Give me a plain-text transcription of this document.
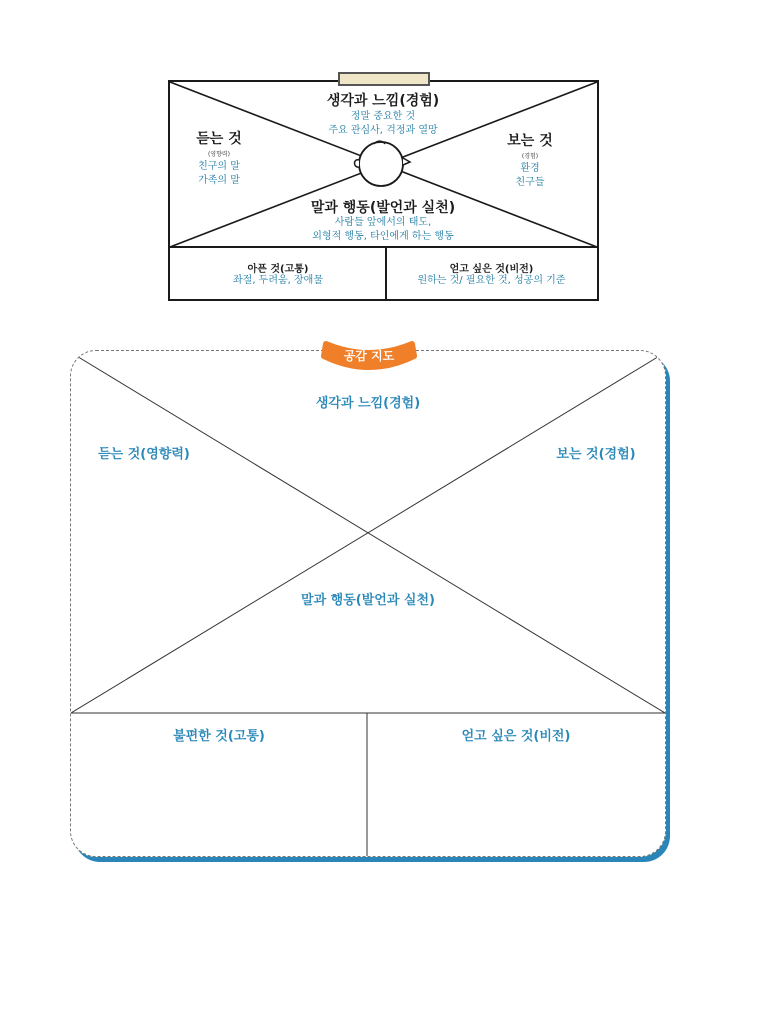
생각과 느낌(경험)
정말 중요한 것
주요 관심사, 걱정과 열망
듣는 것
(영향력)
친구의 말
가족의 말
보는 것
(경험)
환경
친구들
말과 행동(발언과 실천)
사람들 앞에서의 태도,
외형적 행동, 타인에게 하는 행동
아픈 것(고통)
좌절, 두려움, 장애물
얻고 싶은 것(비전)
원하는 것/ 필요한 것, 성공의 기준
생각과 느낌(경험)
듣는 것(영향력)	보는 것(경험)
말과 행동(발언과 실천)
불편한 것(고통)	얻고 싶은 것(비전)
공감 지도
